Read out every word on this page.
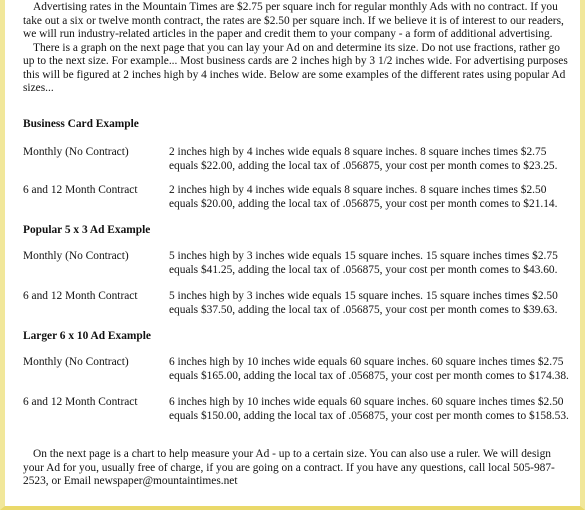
Advertising rates in the Mountain Times are $2.75 per square inch for regular monthly Ads with no contract. If you take out a six or twelve month contract, the rates are $2.50 per square inch. If we believe it is of interest to our readers, we will run industry-related articles in the paper and credit them to your company - a form of additional advertising.

There is a graph on the next page that you can lay your Ad on and determine its size. Do not use fractions, rather go up to the next size. For example... Most business cards are 2 inches high by 3 1/2 inches wide. For advertising purposes this will be figured at 2 inches high by 4 inches wide. Below are some examples of the different rates using popular Ad sizes...

Business Card Example
Monthly (No Contract)	2 inches high by 4 inches wide equals 8 square inches. 8 square inches times $2.75 equals $22.00, adding the local tax of .056875, your cost per month comes to $23.25.
6 and 12 Month Contract	2 inches high by 4 inches wide equals 8 square inches. 8 square inches times $2.50 equals $20.00, adding the local tax of .056875, your cost per month comes to $21.14.
Popular 5 x 3 Ad Example
Monthly (No Contract)	5 inches high by 3 inches wide equals 15 square inches. 15 square inches times $2.75 equals $41.25, adding the local tax of .056875, your cost per month comes to $43.60.
6 and 12 Month Contract	5 inches high by 3 inches wide equals 15 square inches. 15 square inches times $2.50 equals $37.50, adding the local tax of .056875, your cost per month comes to $39.63.
Larger 6 x 10 Ad Example
Monthly (No Contract)	6 inches high by 10 inches wide equals 60 square inches. 60 square inches times $2.75 equals $165.00, adding the local tax of .056875, your cost per month comes to $174.38.
6 and 12 Month Contract	6 inches high by 10 inches wide equals 60 square inches. 60 square inches times $2.50 equals $150.00, adding the local tax of .056875, your cost per month comes to $158.53.

On the next page is a chart to help measure your Ad - up to a certain size. You can also use a ruler. We will design your Ad for you, usually free of charge, if you are going on a contract. If you have any questions, call local 505-987-2523, or Email newspaper@mountaintimes.net
